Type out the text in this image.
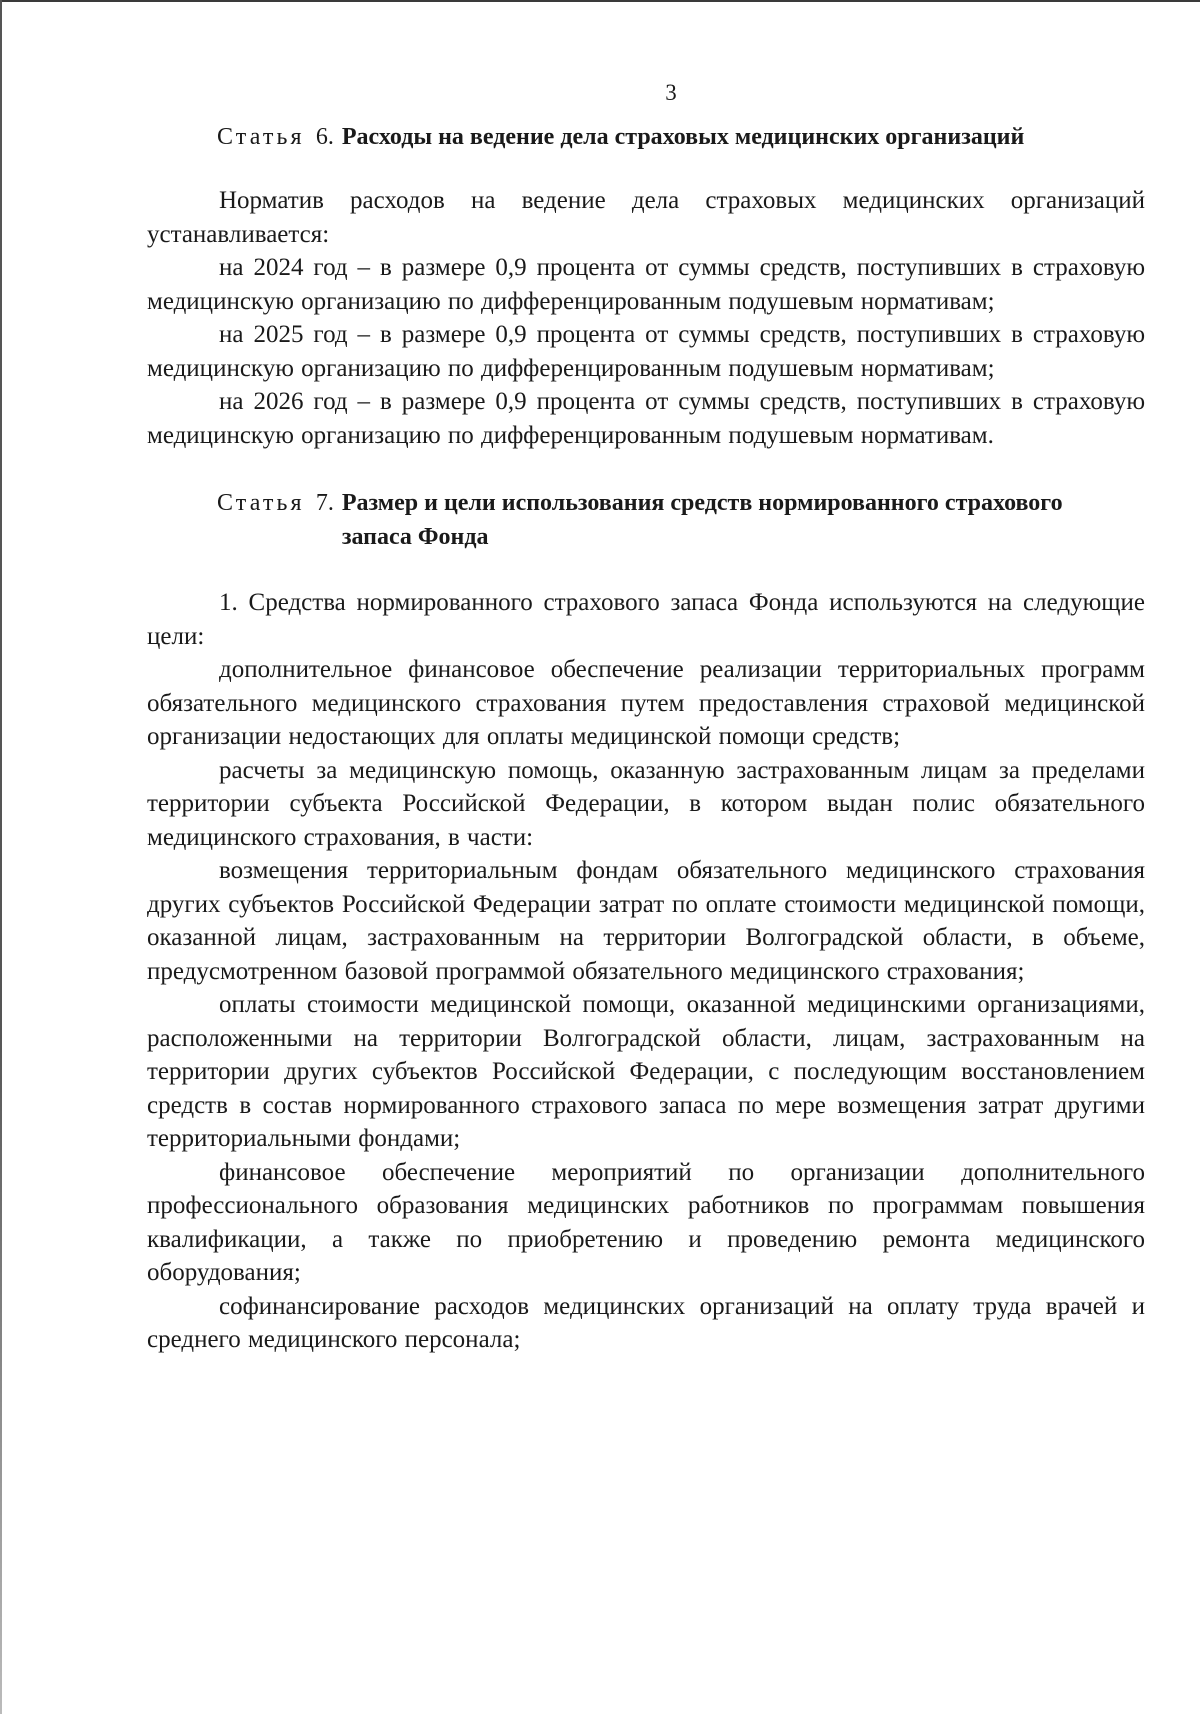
3
Статья 6. Расходы на ведение дела страховых медицинских организаций

Норматив расходов на ведение дела страховых медицинских организаций устанавливается:

на 2024 год – в размере 0,9 процента от суммы средств, поступивших в страховую медицинскую организацию по дифференцированным подушевым нормативам;

на 2025 год – в размере 0,9 процента от суммы средств, поступивших в страховую медицинскую организацию по дифференцированным подушевым нормативам;

на 2026 год – в размере 0,9 процента от суммы средств, поступивших в страховую медицинскую организацию по дифференцированным подушевым нормативам.

Статья 7. Размер и цели использования средств нормированного страхового запаса Фонда

1. Средства нормированного страхового запаса Фонда используются на следующие цели:

дополнительное финансовое обеспечение реализации территориальных программ обязательного медицинского страхования путем предоставления страховой медицинской организации недостающих для оплаты медицинской помощи средств;

расчеты за медицинскую помощь, оказанную застрахованным лицам за пределами территории субъекта Российской Федерации, в котором выдан полис обязательного медицинского страхования, в части:

возмещения территориальным фондам обязательного медицинского страхования других субъектов Российской Федерации затрат по оплате стоимости медицинской помощи, оказанной лицам, застрахованным на территории Волгоградской области, в объеме, предусмотренном базовой программой обязательного медицинского страхования;

оплаты стоимости медицинской помощи, оказанной медицинскими организациями, расположенными на территории Волгоградской области, лицам, застрахованным на территории других субъектов Российской Федерации, с последующим восстановлением средств в состав нормированного страхового запаса по мере возмещения затрат другими территориальными фондами;

финансовое обеспечение мероприятий по организации дополнительного профессионального образования медицинских работников по программам повышения квалификации, а также по приобретению и проведению ремонта медицинского оборудования;

софинансирование расходов медицинских организаций на оплату труда врачей и среднего медицинского персонала;
